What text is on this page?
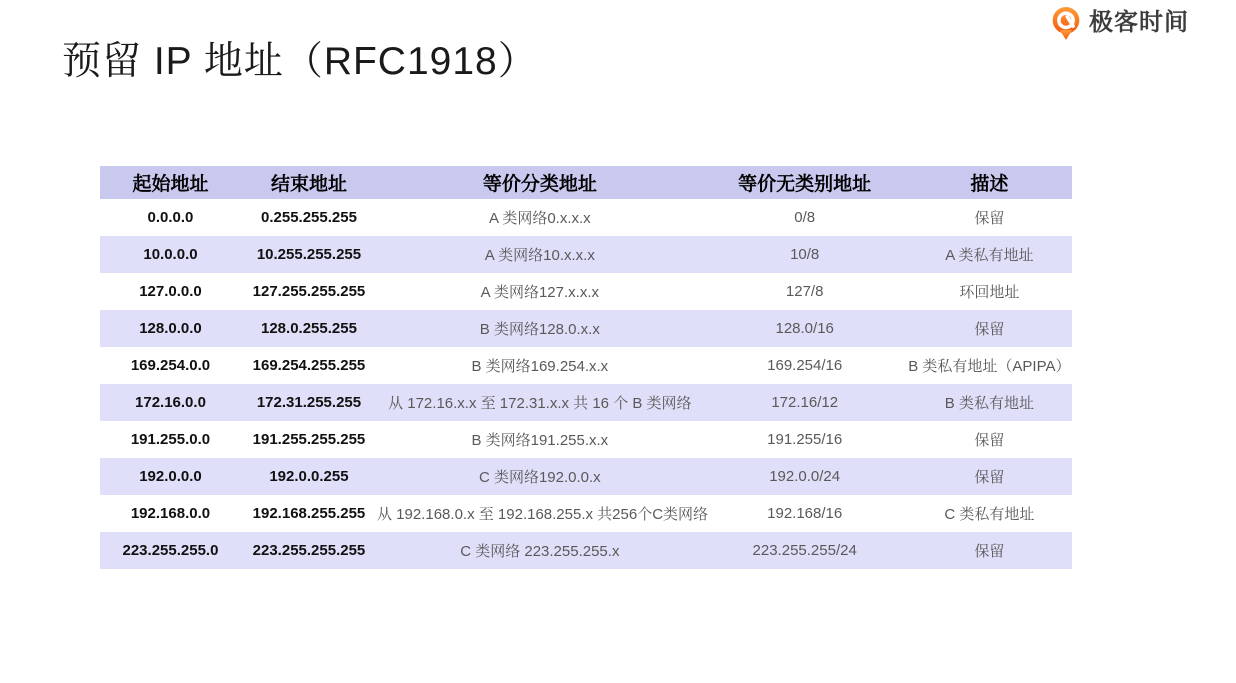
极客时间
预留 IP 地址（RFC1918）
起始地址	结束地址	等价分类地址	等价无类别地址	描述
0.0.0.0	0.255.255.255	A 类网络0.x.x.x	0/8	保留
10.0.0.0	10.255.255.255	A 类网络10.x.x.x	10/8	A 类私有地址
127.0.0.0	127.255.255.255	A 类网络127.x.x.x	127/8	环回地址
128.0.0.0	128.0.255.255	B 类网络128.0.x.x	128.0/16	保留
169.254.0.0	169.254.255.255	B 类网络169.254.x.x	169.254/16	B 类私有地址（APIPA）
172.16.0.0	172.31.255.255	从 172.16.x.x 至 172.31.x.x 共 16 个 B 类网络	172.16/12	B 类私有地址
191.255.0.0	191.255.255.255	B 类网络191.255.x.x	191.255/16	保留
192.0.0.0	192.0.0.255	C 类网络192.0.0.x	192.0.0/24	保留
192.168.0.0	192.168.255.255	从 192.168.0.x 至 192.168.255.x 共256个C类网络	192.168/16	C 类私有地址
223.255.255.0	223.255.255.255	C 类网络 223.255.255.x	223.255.255/24	保留
